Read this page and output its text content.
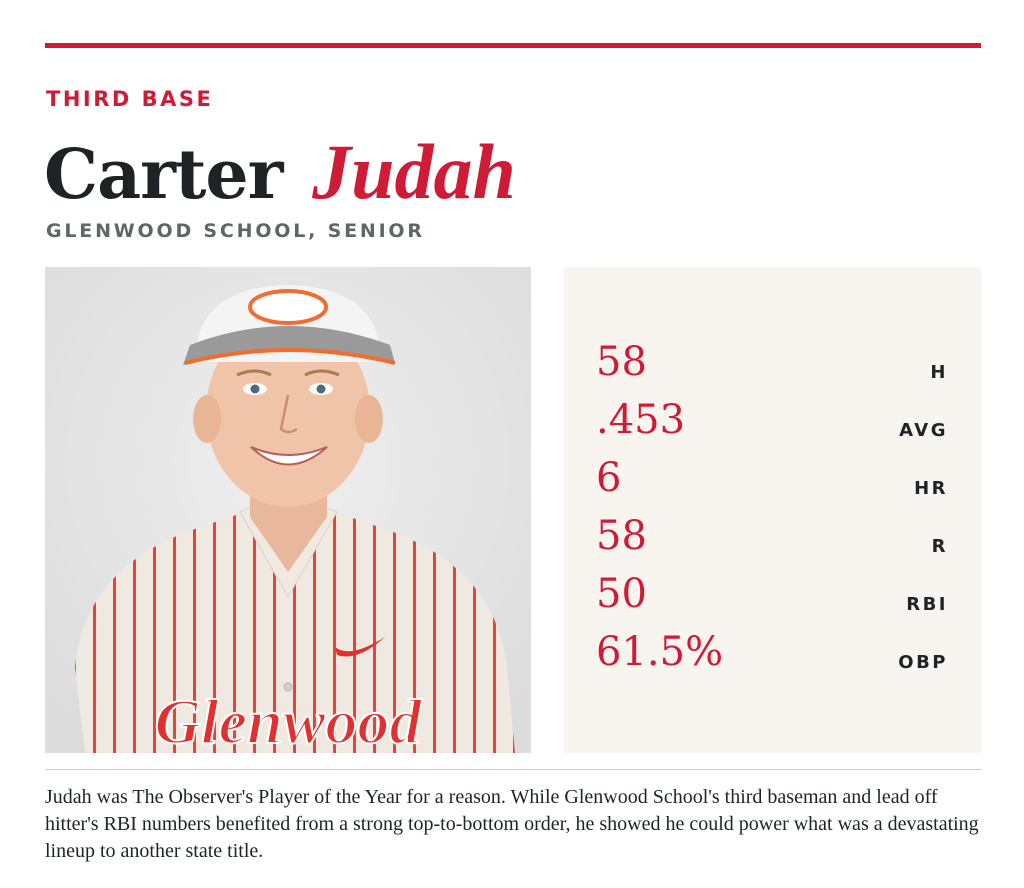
THIRD BASE
Carter Judah
GLENWOOD SCHOOL, SENIOR
Glenwood
58	H
.453	AVG
6	HR
58	R
50	RBI
61.5%	OBP

Judah was The Observer's Player of the Year for a reason. While Glenwood School's third baseman and lead off hitter's RBI numbers benefited from a strong top-to-bottom order, he showed he could power what was a devastating lineup to another state title.
